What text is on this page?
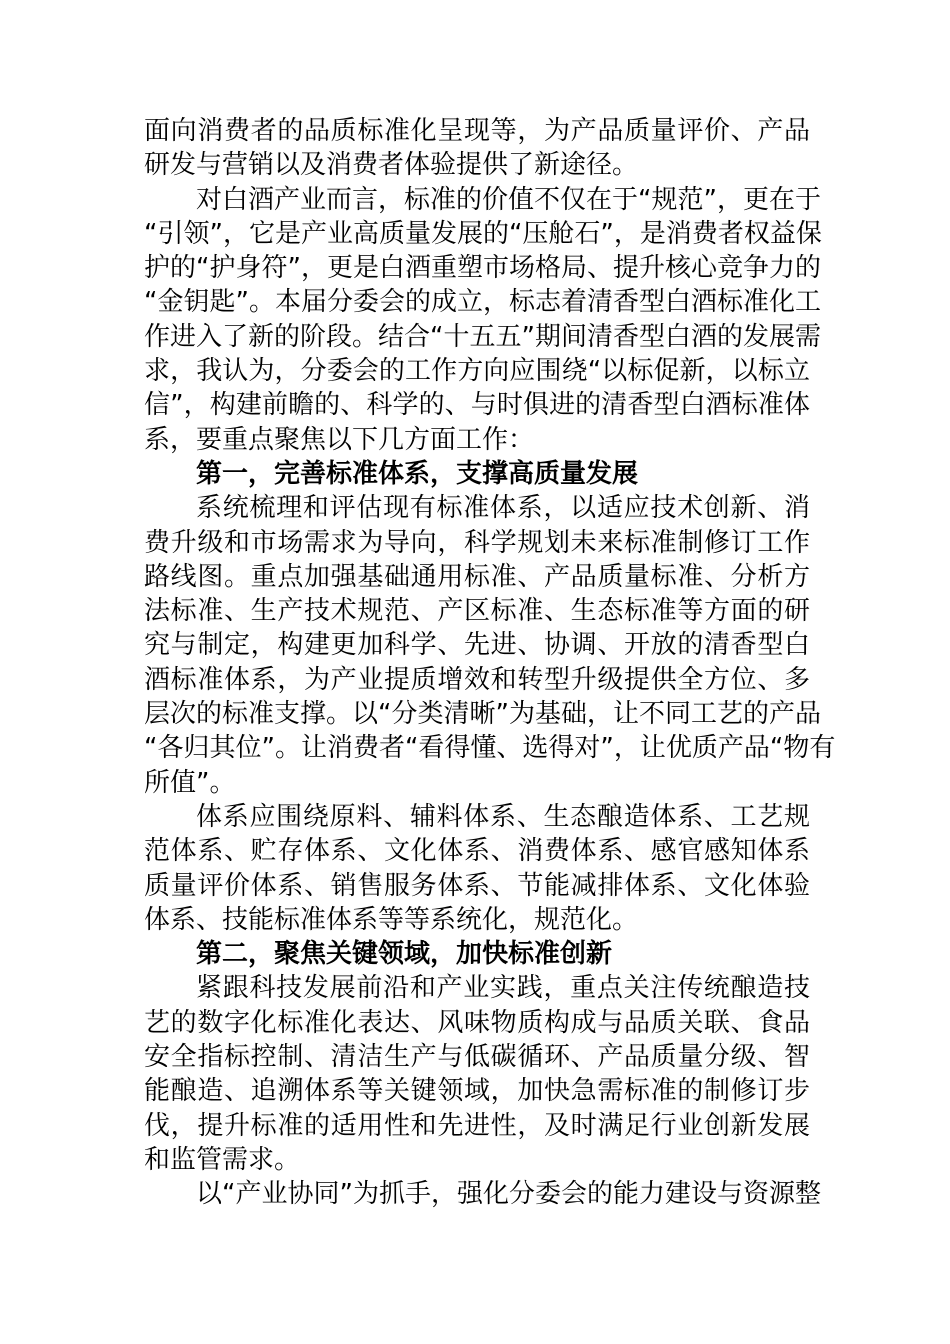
面向消费者的品质标准化呈现等，为产品质量评价、产品
研发与营销以及消费者体验提供了新途径。
对白酒产业而言，标准的价值不仅在于“规范”，更在于
“引领”，它是产业高质量发展的“压舱石”，是消费者权益保
护的“护身符”，更是白酒重塑市场格局、提升核心竞争力的
“金钥匙”。本届分委会的成立，标志着清香型白酒标准化工
作进入了新的阶段。结合“十五五”期间清香型白酒的发展需
求，我认为，分委会的工作方向应围绕“以标促新，以标立
信”，构建前瞻的、科学的、与时俱进的清香型白酒标准体
系，要重点聚焦以下几方面工作：
第一，完善标准体系，支撑高质量发展
系统梳理和评估现有标准体系，以适应技术创新、消
费升级和市场需求为导向，科学规划未来标准制修订工作
路线图。重点加强基础通用标准、产品质量标准、分析方
法标准、生产技术规范、产区标准、生态标准等方面的研
究与制定，构建更加科学、先进、协调、开放的清香型白
酒标准体系，为产业提质增效和转型升级提供全方位、多
层次的标准支撑。以“分类清晰”为基础，让不同工艺的产品
“各归其位”。让消费者“看得懂、选得对”，让优质产品“物有
所值”。
体系应围绕原料、辅料体系、生态酿造体系、工艺规
范体系、贮存体系、文化体系、消费体系、感官感知体系
质量评价体系、销售服务体系、节能减排体系、文化体验
体系、技能标准体系等等系统化，规范化。
第二，聚焦关键领域，加快标准创新
紧跟科技发展前沿和产业实践，重点关注传统酿造技
艺的数字化标准化表达、风味物质构成与品质关联、食品
安全指标控制、清洁生产与低碳循环、产品质量分级、智
能酿造、追溯体系等关键领域，加快急需标准的制修订步
伐，提升标准的适用性和先进性，及时满足行业创新发展
和监管需求。
以“产业协同”为抓手，强化分委会的能力建设与资源整
